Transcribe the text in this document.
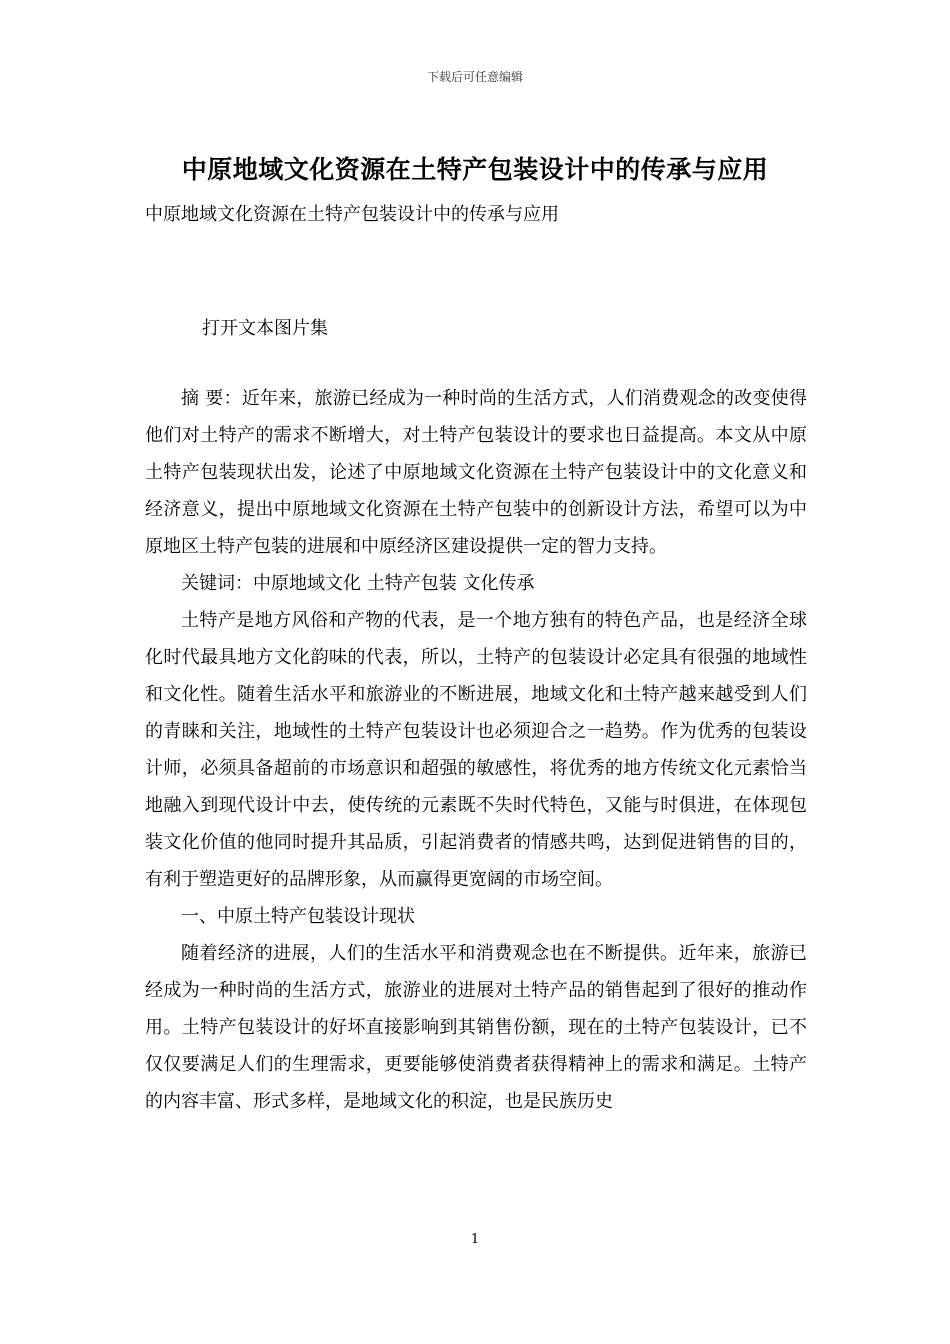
下载后可任意编辑
中原地域文化资源在土特产包装设计中的传承与应用
中原地域文化资源在土特产包装设计中的传承与应用
打开文本图片集

摘 要：近年来，旅游已经成为一种时尚的生活方式，人们消费观念的改变使得他们对土特产的需求不断增大，对土特产包装设计的要求也日益提高。本文从中原土特产包装现状出发，论述了中原地域文化资源在土特产包装设计中的文化意义和经济意义，提出中原地域文化资源在土特产包装中的创新设计方法，希望可以为中原地区土特产包装的进展和中原经济区建设提供一定的智力支持。

关键词：中原地域文化 土特产包装 文化传承

土特产是地方风俗和产物的代表，是一个地方独有的特色产品，也是经济全球化时代最具地方文化韵味的代表，所以，土特产的包装设计必定具有很强的地域性和文化性。随着生活水平和旅游业的不断进展，地域文化和土特产越来越受到人们的青睐和关注，地域性的土特产包装设计也必须迎合之一趋势。作为优秀的包装设计师，必须具备超前的市场意识和超强的敏感性，将优秀的地方传统文化元素恰当地融入到现代设计中去，使传统的元素既不失时代特色，又能与时俱进，在体现包装文化价值的他同时提升其品质，引起消费者的情感共鸣，达到促进销售的目的，有利于塑造更好的品牌形象，从而赢得更宽阔的市场空间。

一、中原土特产包装设计现状

随着经济的进展，人们的生活水平和消费观念也在不断提供。近年来，旅游已经成为一种时尚的生活方式，旅游业的进展对土特产品的销售起到了很好的推动作用。土特产包装设计的好坏直接影响到其销售份额，现在的土特产包装设计，已不仅仅要满足人们的生理需求，更要能够使消费者获得精神上的需求和满足。土特产的内容丰富、形式多样，是地域文化的积淀，也是民族历史

1
